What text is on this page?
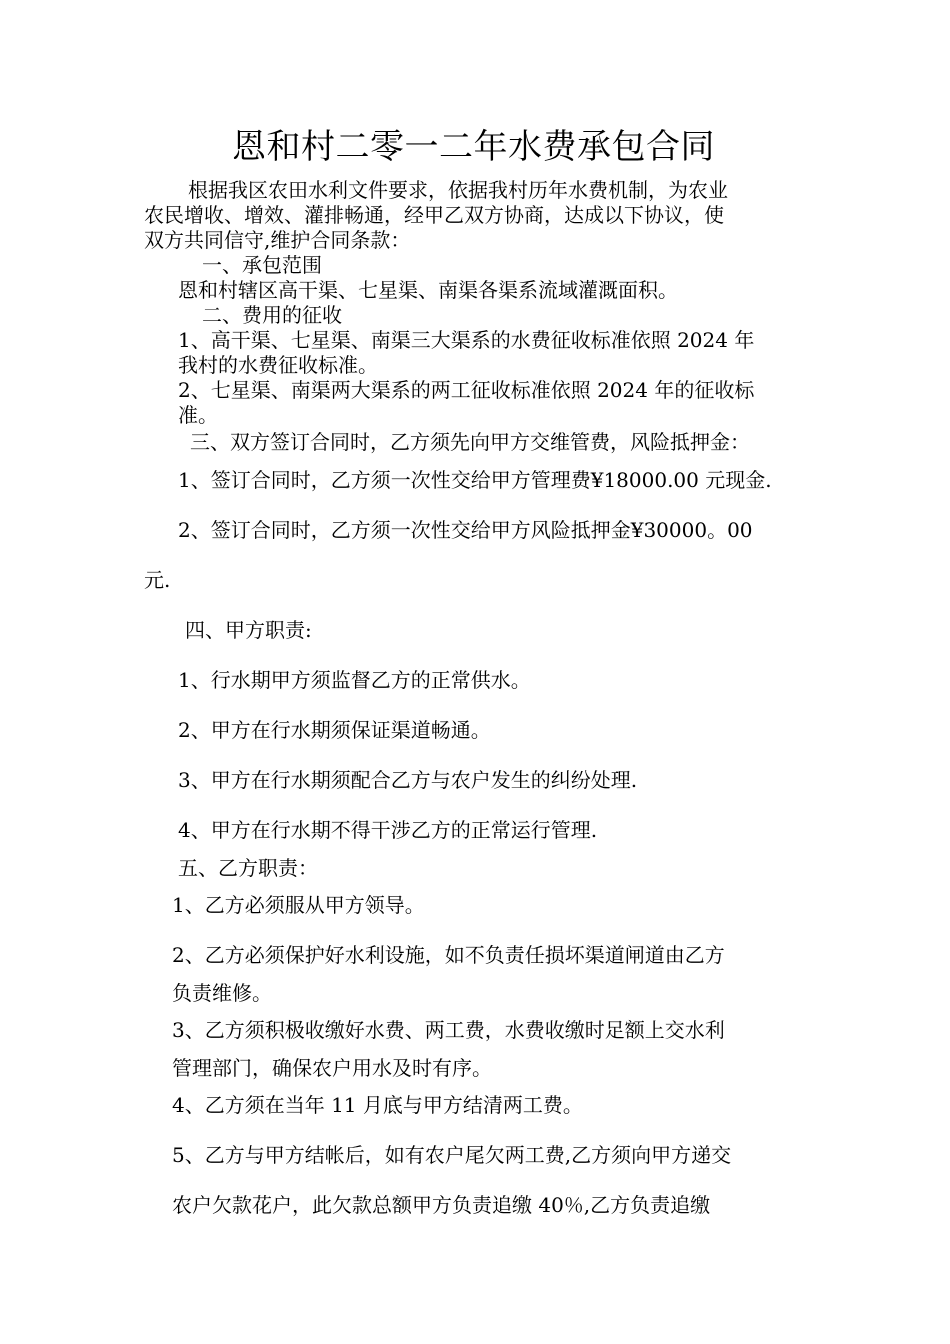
恩和村二零一二年水费承包合同
根据我区农田水利文件要求，依据我村历年水费机制，为农业
农民增收、增效、灌排畅通，经甲乙双方协商，达成以下协议，使
双方共同信守,维护合同条款：
一、承包范围
恩和村辖区高干渠、七星渠、南渠各渠系流域灌溉面积。
二、费用的征收
1、高干渠、七星渠、南渠三大渠系的水费征收标准依照 2024 年
我村的水费征收标准。
2、七星渠、南渠两大渠系的两工征收标准依照 2024 年的征收标
准。
三、双方签订合同时，乙方须先向甲方交维管费，风险抵押金：
1、签订合同时，乙方须一次性交给甲方管理费¥18000.00 元现金.
2、签订合同时，乙方须一次性交给甲方风险抵押金¥30000。00
元.
四、甲方职责:
1、行水期甲方须监督乙方的正常供水。
2、甲方在行水期须保证渠道畅通。
3、甲方在行水期须配合乙方与农户发生的纠纷处理.
4、甲方在行水期不得干涉乙方的正常运行管理.
五、乙方职责：
1、乙方必须服从甲方领导。
2、乙方必须保护好水利设施，如不负责任损坏渠道闸道由乙方
负责维修。
3、乙方须积极收缴好水费、两工费，水费收缴时足额上交水利
管理部门，确保农户用水及时有序。
4、乙方须在当年 11 月底与甲方结清两工费。
5、乙方与甲方结帐后，如有农户尾欠两工费,乙方须向甲方递交
农户欠款花户，此欠款总额甲方负责追缴 40％,乙方负责追缴
